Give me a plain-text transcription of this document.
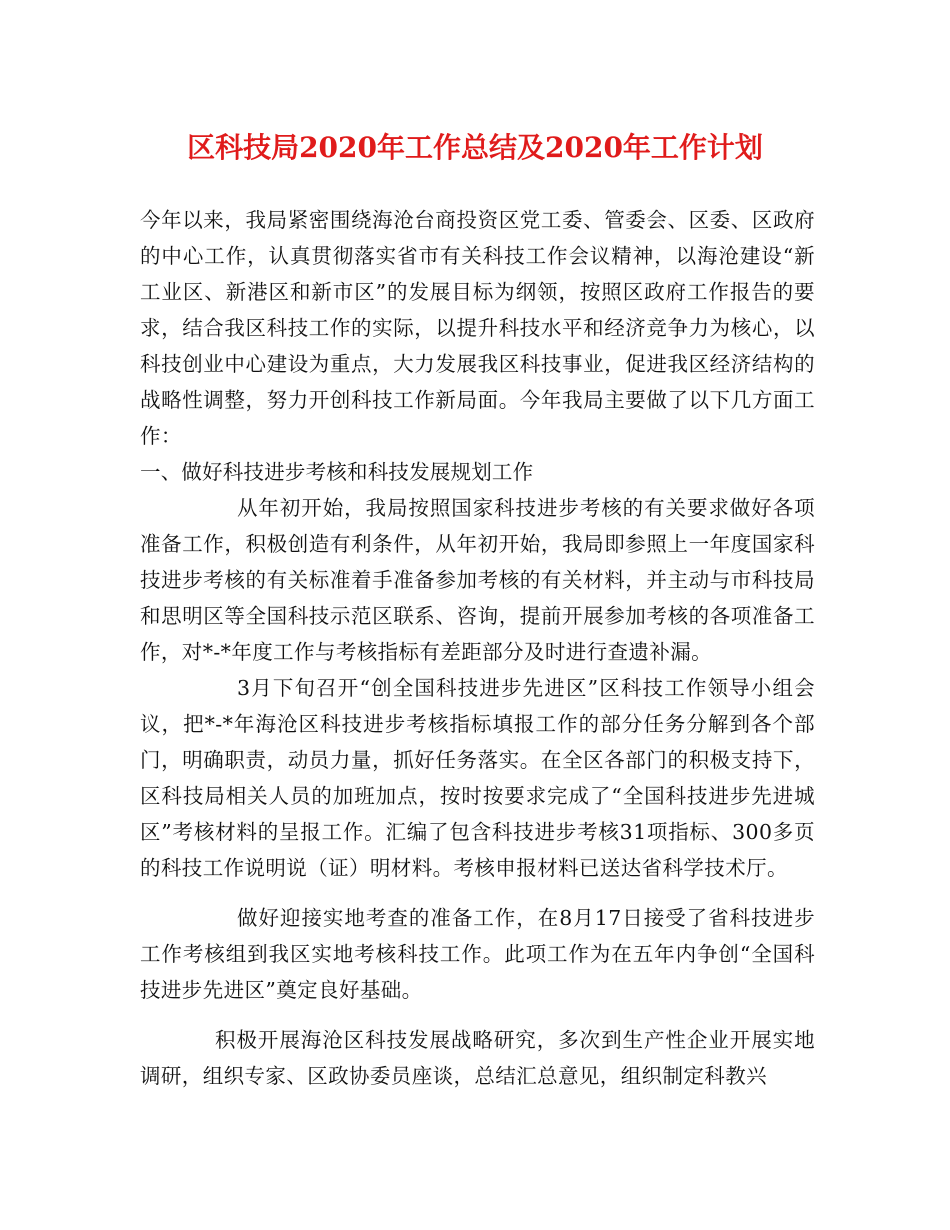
区科技局2020年工作总结及2020年工作计划

今年以来，我局紧密围绕海沧台商投资区党工委、管委会、区委、区政府的中心工作，认真贯彻落实省市有关科技工作会议精神，以海沧建设“新工业区、新港区和新市区”的发展目标为纲领，按照区政府工作报告的要求，结合我区科技工作的实际，以提升科技水平和经济竞争力为核心，以科技创业中心建设为重点，大力发展我区科技事业，促进我区经济结构的战略性调整，努力开创科技工作新局面。今年我局主要做了以下几方面工作：

一、做好科技进步考核和科技发展规划工作

从年初开始，我局按照国家科技进步考核的有关要求做好各项准备工作，积极创造有利条件，从年初开始，我局即参照上一年度国家科技进步考核的有关标准着手准备参加考核的有关材料，并主动与市科技局和思明区等全国科技示范区联系、咨询，提前开展参加考核的各项准备工作，对*-*年度工作与考核指标有差距部分及时进行查遗补漏。

3月下旬召开“创全国科技进步先进区”区科技工作领导小组会议，把*-*年海沧区科技进步考核指标填报工作的部分任务分解到各个部门，明确职责，动员力量，抓好任务落实。在全区各部门的积极支持下，区科技局相关人员的加班加点，按时按要求完成了“全国科技进步先进城区”考核材料的呈报工作。汇编了包含科技进步考核31项指标、300多页的科技工作说明说（证）明材料。考核申报材料已送达省科学技术厅。

做好迎接实地考查的准备工作，在8月17日接受了省科技进步工作考核组到我区实地考核科技工作。此项工作为在五年内争创“全国科技进步先进区”奠定良好基础。

积极开展海沧区科技发展战略研究，多次到生产性企业开展实地调研，组织专家、区政协委员座谈，总结汇总意见，组织制定科教兴
